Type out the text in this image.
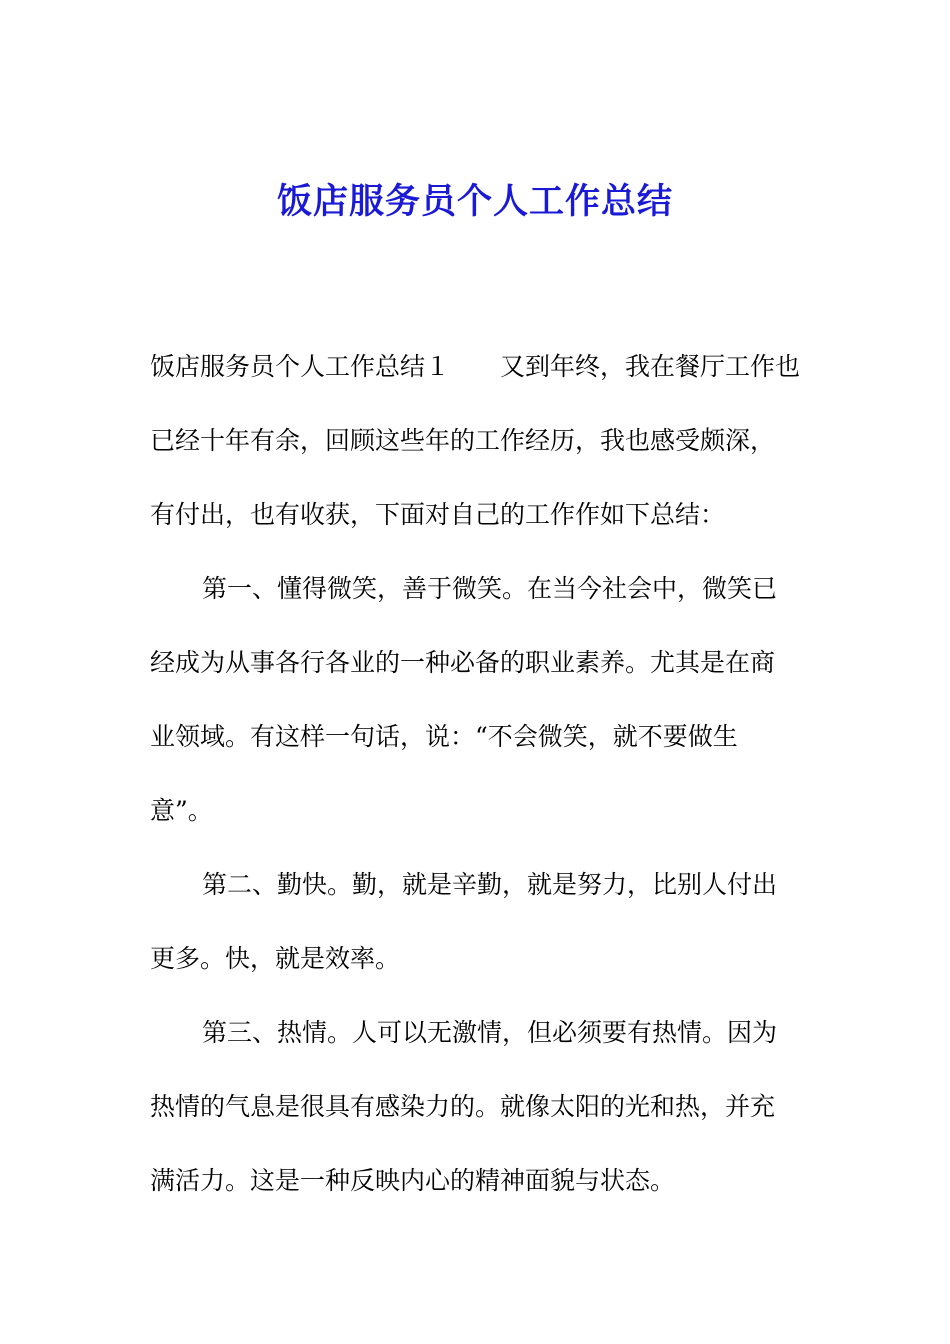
饭店服务员个人工作总结
饭店服务员个人工作总结１ 又到年终，我在餐厅工作也
已经十年有余，回顾这些年的工作经历，我也感受颇深，
有付出，也有收获，下面对自己的工作作如下总结：
第一、懂得微笑，善于微笑。在当今社会中，微笑已
经成为从事各行各业的一种必备的职业素养。尤其是在商
业领域。有这样一句话，说：“不会微笑，就不要做生
意”。
第二、勤快。勤，就是辛勤，就是努力，比别人付出
更多。快，就是效率。
第三、热情。人可以无激情，但必须要有热情。因为
热情的气息是很具有感染力的。就像太阳的光和热，并充
满活力。这是一种反映内心的精神面貌与状态。
